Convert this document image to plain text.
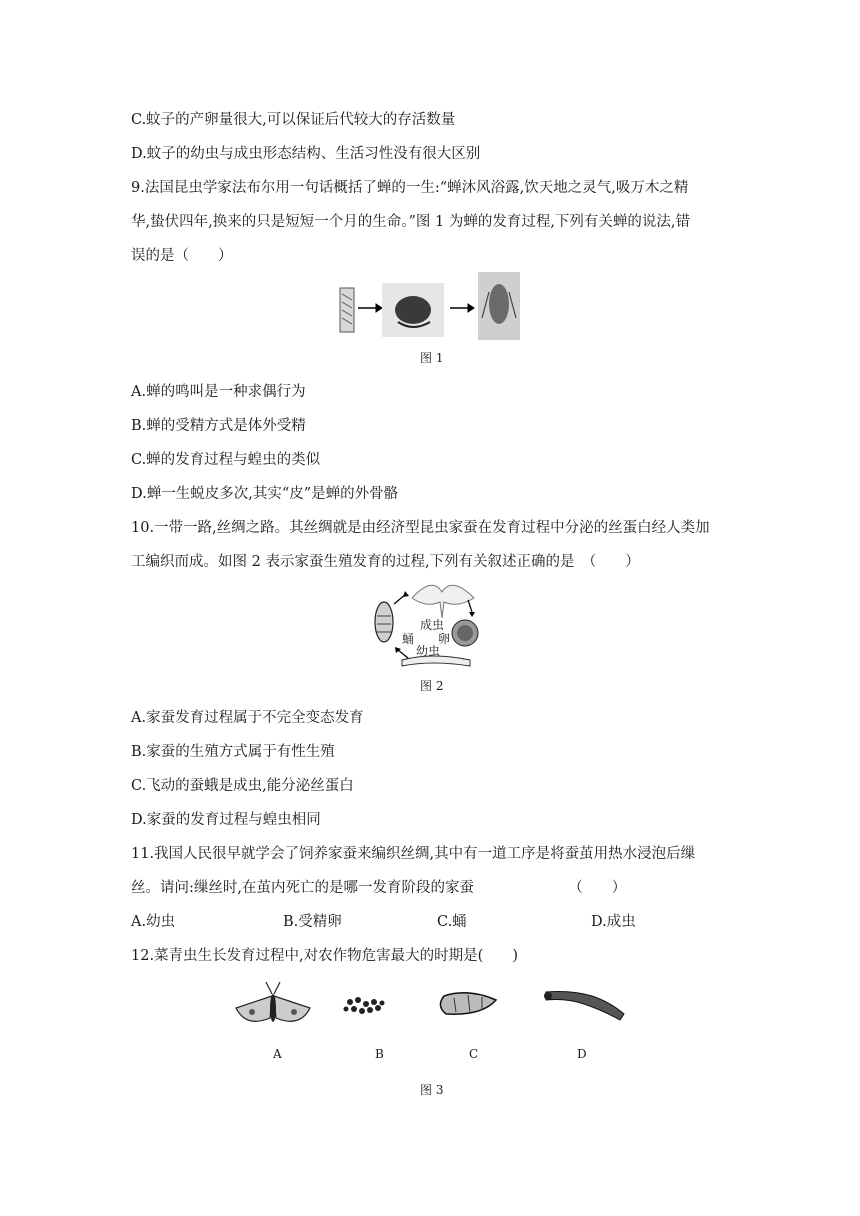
C.蚊子的产卵量很大,可以保证后代较大的存活数量
D.蚊子的幼虫与成虫形态结构、生活习性没有很大区别
9.法国昆虫学家法布尔用一句话概括了蝉的一生:“蝉沐风浴露,饮天地之灵气,吸万木之精
华,蛰伏四年,换来的只是短短一个月的生命。”图 1 为蝉的发育过程,下列有关蝉的说法,错
误的是（　　）
图 1
A.蝉的鸣叫是一种求偶行为
B.蝉的受精方式是体外受精
C.蝉的发育过程与蝗虫的类似
D.蝉一生蜕皮多次,其实“皮”是蝉的外骨骼
10.一带一路,丝绸之路。其丝绸就是由经济型昆虫家蚕在发育过程中分泌的丝蛋白经人类加
工编织而成。如图 2 表示家蚕生殖发育的过程,下列有关叙述正确的是　（　　）
成虫
蛹 卵
幼虫
图 2
A.家蚕发育过程属于不完全变态发育
B.家蚕的生殖方式属于有性生殖
C.飞动的蚕蛾是成虫,能分泌丝蛋白
D.家蚕的发育过程与蝗虫相同
11.我国人民很早就学会了饲养家蚕来编织丝绸,其中有一道工序是将蚕茧用热水浸泡后缫
丝。请问:缫丝时,在茧内死亡的是哪一发育阶段的家蚕　　　　　　　（　　）
A.幼虫	B.受精卵	C.蛹	D.成虫
12.菜青虫生长发育过程中,对农作物危害最大的时期是(　　)
A	B	C	D
图 3
